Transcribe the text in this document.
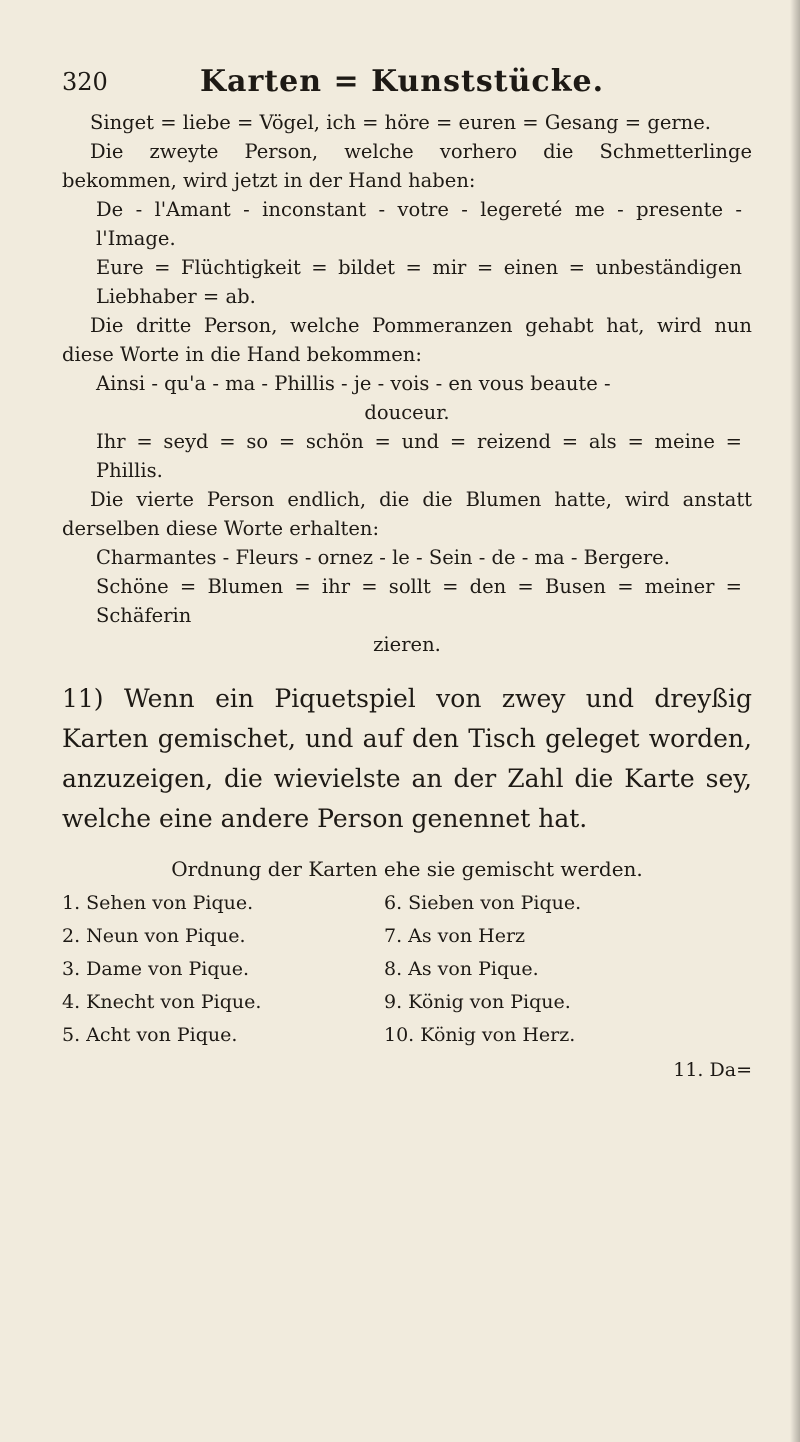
320	Karten = Kunststücke.

Singet = liebe = Vögel, ich = höre = euren = Gesang = gerne.

Die zweyte Person, welche vorhero die Schmetterlinge bekommen, wird jetzt in der Hand haben:

De - l'Amant - inconstant - votre - legereté me - presente - l'Image.

Eure = Flüchtigkeit = bildet = mir = einen = unbeständigen Liebhaber = ab.

Die dritte Person, welche Pommeranzen gehabt hat, wird nun diese Worte in die Hand bekommen:

Ainsi - qu'a - ma - Phillis - je - vois - en vous beaute -

douceur.

Ihr = seyd = so = schön = und = reizend = als = meine = Phillis.

Die vierte Person endlich, die die Blumen hatte, wird anstatt derselben diese Worte erhalten:

Charmantes - Fleurs - ornez - le - Sein - de - ma - Bergere.

Schöne = Blumen = ihr = sollt = den = Busen = meiner = Schäferin

zieren.

11) Wenn ein Piquetspiel von zwey und dreyßig Karten gemischet, und auf den Tisch geleget worden, anzuzeigen, die wievielste an der Zahl die Karte sey, welche eine andere Person genennet hat.

Ordnung der Karten ehe sie gemischt werden.
1. Sehen von Pique.
2. Neun von Pique.
3. Dame von Pique.
4. Knecht von Pique.
5. Acht von Pique.
6. Sieben von Pique.
7. As von Herz
8. As von Pique.
9. König von Pique.
10. König von Herz.
11. Da=
